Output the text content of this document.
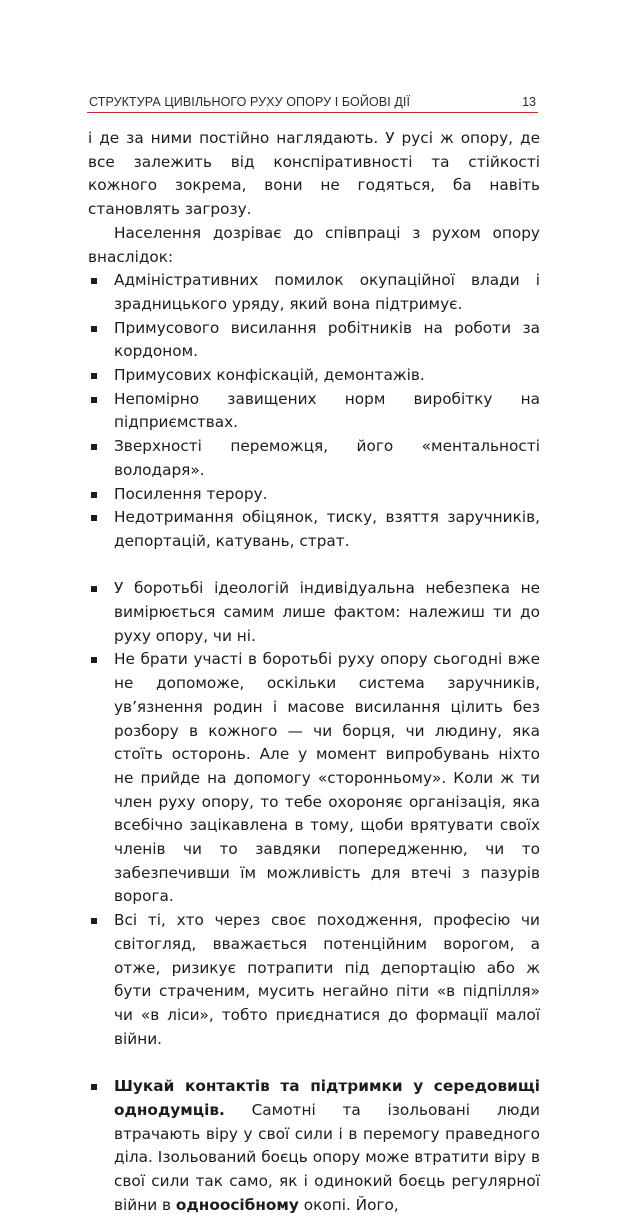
СТРУКТУРА ЦИВІЛЬНОГО РУХУ ОПОРУ І БОЙОВІ ДІЇ	13

і де за ними постійно наглядають. У русі ж опору, де все залежить від конспіративності та стійкості кожного зокрема, вони не годяться, ба навіть становлять загрозу.

Населення дозріває до співпраці з рухом опору внаслідок:

Адміністративних помилок окупаційної влади і зрадницького уряду, який вона підтримує.
Примусового висилання робітників на роботи за кордоном.
Примусових конфіскацій, демонтажів.
Непомірно завищених норм виробітку на підприємствах.
Зверхності переможця, його «ментальності володаря».
Посилення терору.
Недотримання обіцянок, тиску, взяття заручників, депортацій, катувань, страт.
У боротьбі ідеологій індивідуальна небезпека не вимірюється самим лише фактом: належиш ти до руху опору, чи ні.
Не брати участі в боротьбі руху опору сьогодні вже не допоможе, оскільки система заручників, ув’язнення родин і масове висилання цілить без розбору в кожного — чи борця, чи людину, яка стоїть осторонь. Але у момент випробувань ніхто не прийде на допомогу «сторонньому». Коли ж ти член руху опору, то тебе охороняє організація, яка всебічно зацікавлена в тому, щоби врятувати своїх членів чи то завдяки попередженню, чи то забезпечивши їм можливість для втечі з пазурів ворога.
Всі ті, хто через своє походження, професію чи світогляд, вважається потенційним ворогом, а отже, ризикує потрапити під депортацію або ж бути страченим, мусить негайно піти «в підпілля» чи «в ліси», тобто приєднатися до формації малої війни.
Шукай контактів та підтримки у середовищі однодумців. Самотні та ізольовані люди втрачають віру у свої сили і в перемогу праведного діла. Ізольований боєць опору може втратити віру в свої сили так само, як і одинокий боєць регулярної війни в одноосібному окопі. Його,
